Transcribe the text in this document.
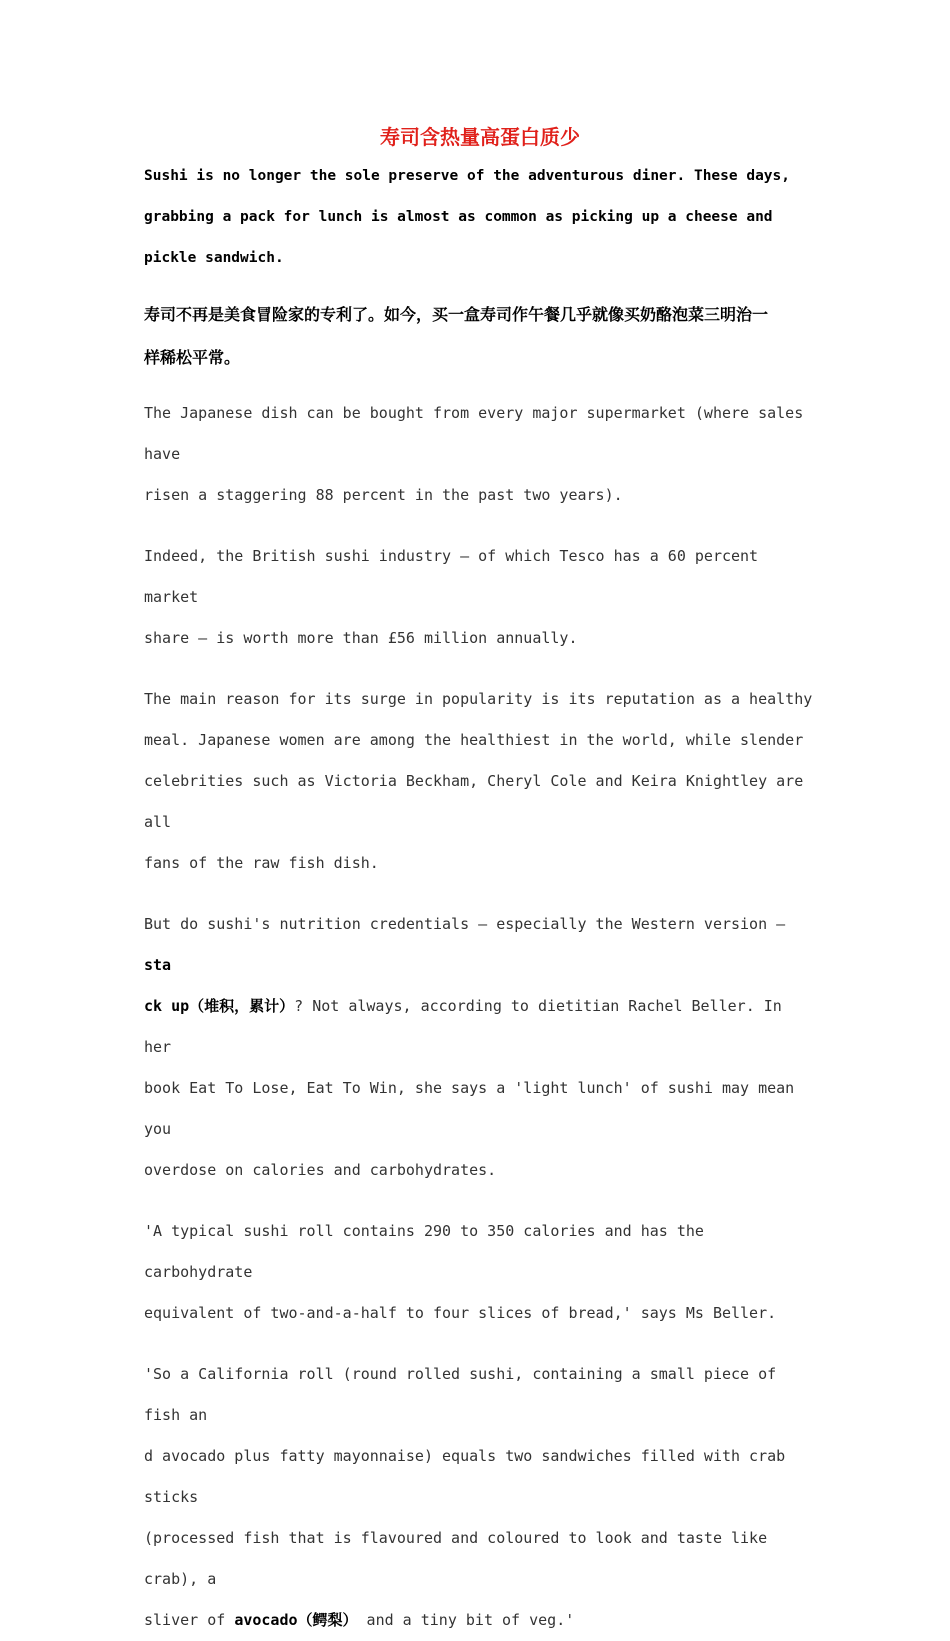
寿司含热量高蛋白质少
Sushi is no longer the sole preserve of the adventurous diner. These days,
grabbing a pack for lunch is almost as common as picking up a cheese and
pickle sandwich.
寿司不再是美食冒险家的专利了。如今，买一盒寿司作午餐几乎就像买奶酪泡菜三明治一
样稀松平常。
The Japanese dish can be bought from every major supermarket (where sales have
risen a staggering 88 percent in the past two years).
Indeed, the British sushi industry — of which Tesco has a 60 percent market
share — is worth more than £56 million annually.
The main reason for its surge in popularity is its reputation as a healthy
meal. Japanese women are among the healthiest in the world, while slender
celebrities such as Victoria Beckham, Cheryl Cole and Keira Knightley are all
fans of the raw fish dish.
But do sushi's nutrition credentials — especially the Western version — sta
ck up（堆积，累计）? Not always, according to dietitian Rachel Beller. In her
book Eat To Lose, Eat To Win, she says a 'light lunch' of sushi may mean you
overdose on calories and carbohydrates.
'A typical sushi roll contains 290 to 350 calories and has the carbohydrate
equivalent of two-and-a-half to four slices of bread,' says Ms Beller.
'So a California roll (round rolled sushi, containing a small piece of fish an
d avocado plus fatty mayonnaise) equals two sandwiches filled with crab sticks
(processed fish that is flavoured and coloured to look and taste like crab), a
sliver of avocado（鳄梨） and a tiny bit of veg.'
